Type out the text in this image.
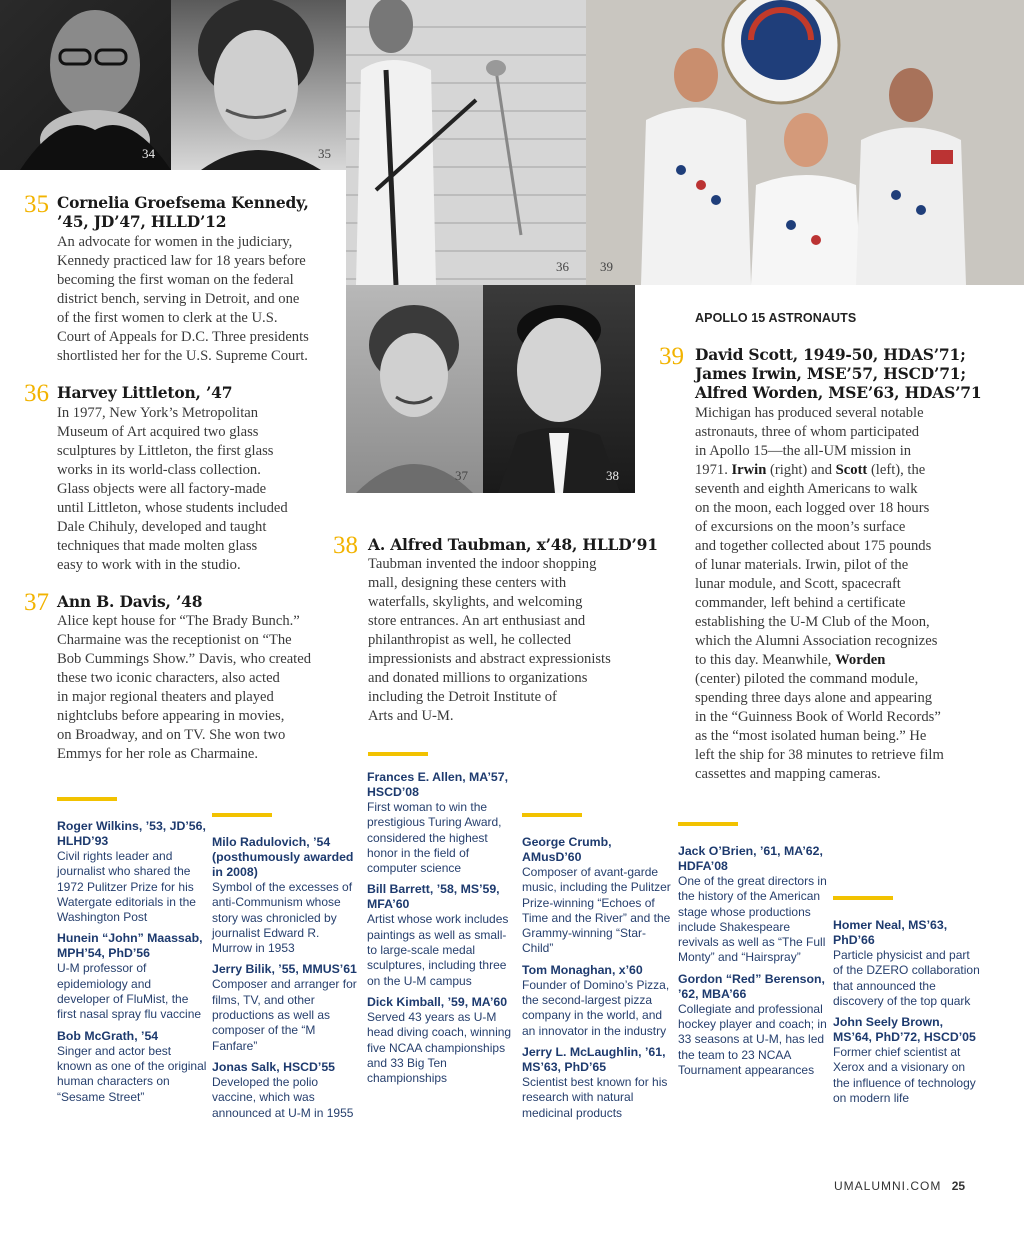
34	35
36 39
37	38
35 Cornelia Groefsema Kennedy,
’45, JD’47, HLLD’12
An advocate for women in the judiciary,
Kennedy practiced law for 18 years before
becoming the first woman on the federal
district bench, serving in Detroit, and one
of the first women to clerk at the U.S.
Court of Appeals for D.C. Three presidents
shortlisted her for the U.S. Supreme Court.
36 Harvey Littleton, ’47
In 1977, New York’s Metropolitan
Museum of Art acquired two glass
sculptures by Littleton, the first glass
works in its world-class collection.
Glass objects were all factory-made
until Littleton, whose students included
Dale Chihuly, developed and taught
techniques that made molten glass
easy to work with in the studio.
37 Ann B. Davis, ’48
Alice kept house for “The Brady Bunch.”
Charmaine was the receptionist on “The
Bob Cummings Show.” Davis, who created
these two iconic characters, also acted
in major regional theaters and played
nightclubs before appearing in movies,
on Broadway, and on TV. She won two
Emmys for her role as Charmaine.
38 A. Alfred Taubman, x’48, HLLD’91
Taubman invented the indoor shopping
mall, designing these centers with
waterfalls, skylights, and welcoming
store entrances. An art enthusiast and
philanthropist as well, he collected
impressionists and abstract expressionists
and donated millions to organizations
including the Detroit Institute of
Arts and U-M.
APOLLO 15 ASTRONAUTS
39 David Scott, 1949-50, HDAS’71;
James Irwin, MSE’57, HSCD’71;
Alfred Worden, MSE’63, HDAS’71
Michigan has produced several notable
astronauts, three of whom participated
in Apollo 15—the all-UM mission in
1971. Irwin (right) and Scott (left), the
seventh and eighth Americans to walk
on the moon, each logged over 18 hours
of excursions on the moon’s surface
and together collected about 175 pounds
of lunar materials. Irwin, pilot of the
lunar module, and Scott, spacecraft
commander, left behind a certificate
establishing the U-M Club of the Moon,
which the Alumni Association recognizes
to this day. Meanwhile, Worden
(center) piloted the command module,
spending three days alone and appearing
in the “Guinness Book of World Records”
as the “most isolated human being.” He
left the ship for 38 minutes to retrieve film
cassettes and mapping cameras.
Roger Wilkins, ’53, JD’56, HLHD’93
Civil rights leader and journalist who shared the 1972 Pulitzer Prize for his Watergate editorials in the Washington Post
Hunein “John” Maassab, MPH’54, PhD’56
U-M professor of epidemiology and developer of FluMist, the first nasal spray flu vaccine
Bob McGrath, ’54
Singer and actor best known as one of the original human characters on “Sesame Street”
Milo Radulovich, ’54 (posthumously awarded in 2008)
Symbol of the excesses of anti-Communism whose story was chronicled by journalist Edward R. Murrow in 1953
Jerry Bilik, ’55, MMUS’61
Composer and arranger for films, TV, and other productions as well as composer of the “M Fanfare”
Jonas Salk, HSCD’55
Developed the polio vaccine, which was announced at U-M in 1955
Frances E. Allen, MA’57, HSCD’08
First woman to win the prestigious Turing Award, considered the highest honor in the field of computer science
Bill Barrett, ’58, MS’59, MFA’60
Artist whose work includes paintings as well as small- to large-scale medal sculptures, including three on the U-M campus
Dick Kimball, ’59, MA’60
Served 43 years as U-M head diving coach, winning five NCAA championships and 33 Big Ten championships
George Crumb, AMusD’60
Composer of avant-garde music, including the Pulitzer Prize-winning “Echoes of Time and the River” and the Grammy-winning “Star-Child”
Tom Monaghan, x’60
Founder of Domino’s Pizza, the second-largest pizza company in the world, and an innovator in the industry
Jerry L. McLaughlin, ’61, MS’63, PhD’65
Scientist best known for his research with natural medicinal products
Jack O’Brien, ’61, MA’62, HDFA’08
One of the great directors in the history of the American stage whose productions include Shakespeare revivals as well as “The Full Monty” and “Hairspray”
Gordon “Red” Berenson, ’62, MBA’66
Collegiate and professional hockey player and coach; in 33 seasons at U-M, has led the team to 23 NCAA Tournament appearances
Homer Neal, MS’63, PhD’66
Particle physicist and part of the DZERO collaboration that announced the discovery of the top quark
John Seely Brown, MS’64, PhD’72, HSCD’05
Former chief scientist at Xerox and a visionary on the influence of technology on modern life
UMALUMNI.COM 25
